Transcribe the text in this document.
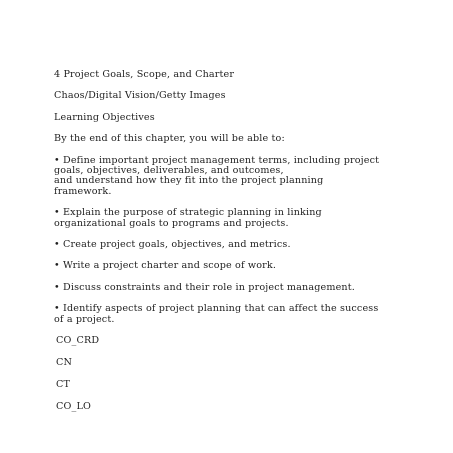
4 Project Goals, Scope, and Charter

Chaos/Digital Vision/Getty Images

Learning Objectives

By the end of this chapter, you will be able to:

• Define important project management terms, including project

goals, objectives, deliverables, and outcomes,

and understand how they fit into the project planning

framework.

• Explain the purpose of strategic planning in linking

organizational goals to programs and projects.

• Create project goals, objectives, and metrics.

• Write a project charter and scope of work.

• Discuss constraints and their role in project management.

• Identify aspects of project planning that can affect the success

of a project.

CO_CRD

CN

CT

CO_LO
